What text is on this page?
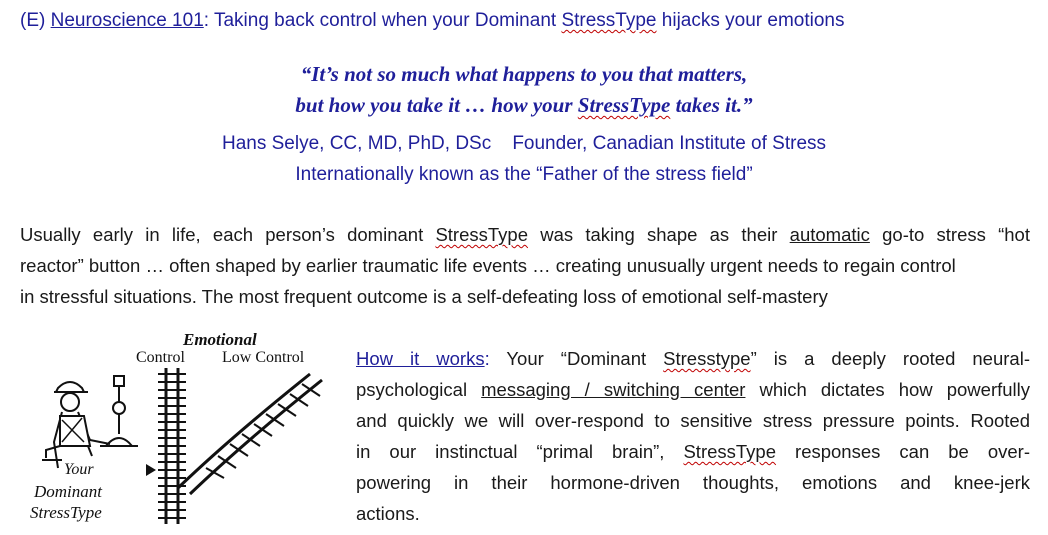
(E) Neuroscience 101: Taking back control when your Dominant StressType hijacks your emotions
“It’s not so much what happens to you that matters,
but how you take it … how your StressType takes it.”
Hans Selye, CC, MD, PhD, DSc    Founder, Canadian Institute of Stress
Internationally known as the “Father of the stress field”
Usually early in life, each person’s dominant StressType was taking shape as their automatic go-to stress “hot
reactor” button … often shaped by earlier traumatic life events … creating unusually urgent needs to regain control
in stressful situations. The most frequent outcome is a self-defeating loss of emotional self-mastery
Emotional
Control Low Control
Your
Dominant
StressType
How it works: Your “Dominant Stresstype” is a deeply rooted neural-
psychological messaging / switching center which dictates how powerfully
and quickly we will over-respond to sensitive stress pressure points. Rooted
in our instinctual “primal brain”, StressType responses can be over-
powering in their hormone-driven thoughts, emotions and knee-jerk
actions.
